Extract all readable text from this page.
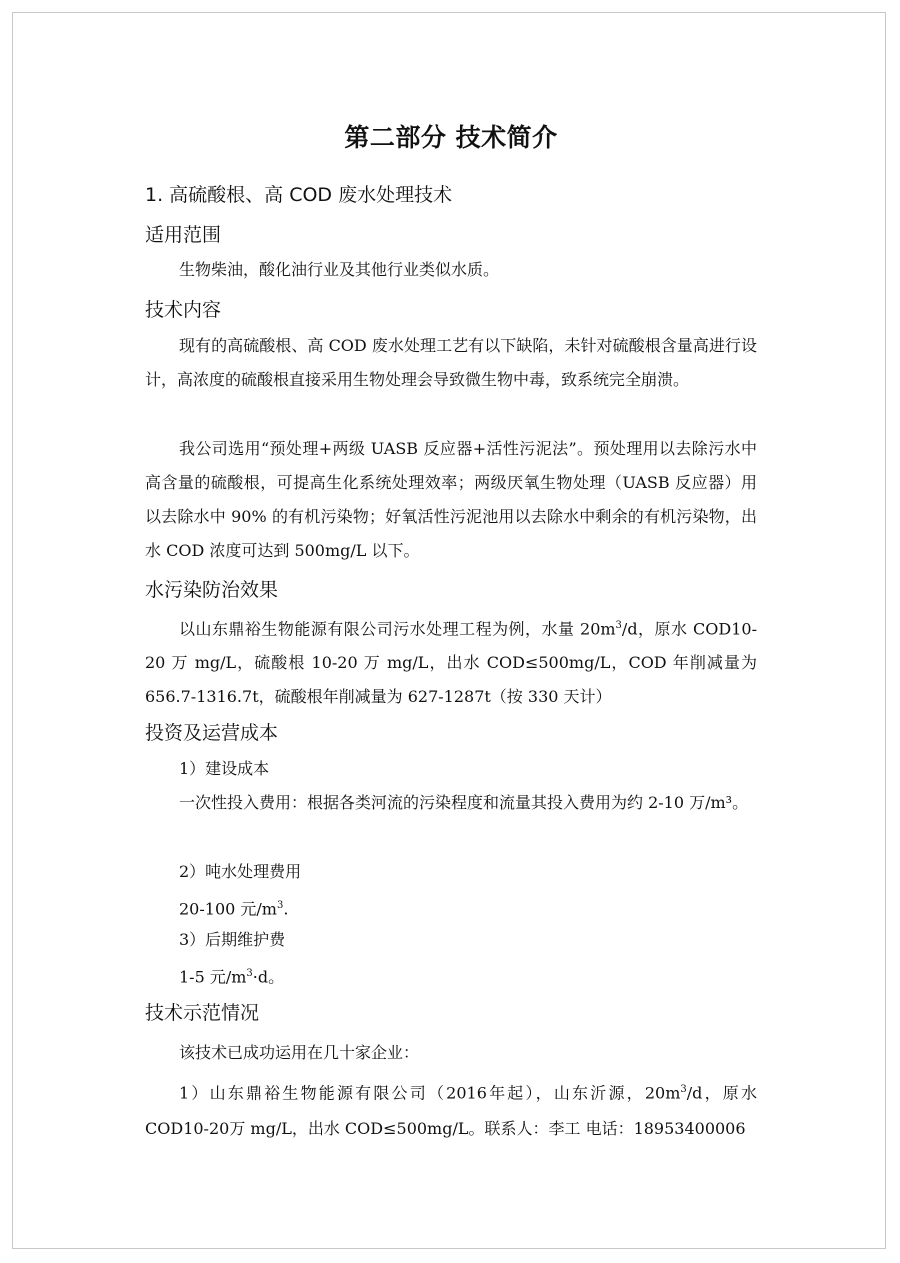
第二部分 技术简介
1. 高硫酸根、高 COD 废水处理技术
适用范围

生物柴油，酸化油行业及其他行业类似水质。

技术内容

现有的高硫酸根、高 COD 废水处理工艺有以下缺陷，未针对硫酸根含量高进行设计，高浓度的硫酸根直接采用生物处理会导致微生物中毒，致系统完全崩溃。

我公司选用“预处理+两级 UASB 反应器+活性污泥法”。预处理用以去除污水中高含量的硫酸根，可提高生化系统处理效率；两级厌氧生物处理（UASB 反应器）用以去除水中 90% 的有机污染物；好氧活性污泥池用以去除水中剩余的有机污染物，出水 COD 浓度可达到 500mg/L 以下。

水污染防治效果

以山东鼎裕生物能源有限公司污水处理工程为例，水量 $20m^3/d$，原水 COD10-20 万 mg/L，硫酸根 10-20 万 mg/L，出水 COD≤500mg/L，COD 年削减量为 656.7-1316.7t，硫酸根年削减量为 627-1287t（按 330 天计）

投资及运营成本

1）建设成本

一次性投入费用：根据各类河流的污染程度和流量其投入费用为约 2-10 万/m³。

2）吨水处理费用

20-100 元$/m^3$.

3）后期维护费

1-5 元$/m^3\cdot d$。

技术示范情况

该技术已成功运用在几十家企业：

1）山东鼎裕生物能源有限公司（2016年起），山东沂源，$20m^3/d$，原水 COD10-20万 mg/L，出水 COD≤500mg/L。联系人：李工 电话：18953400006
